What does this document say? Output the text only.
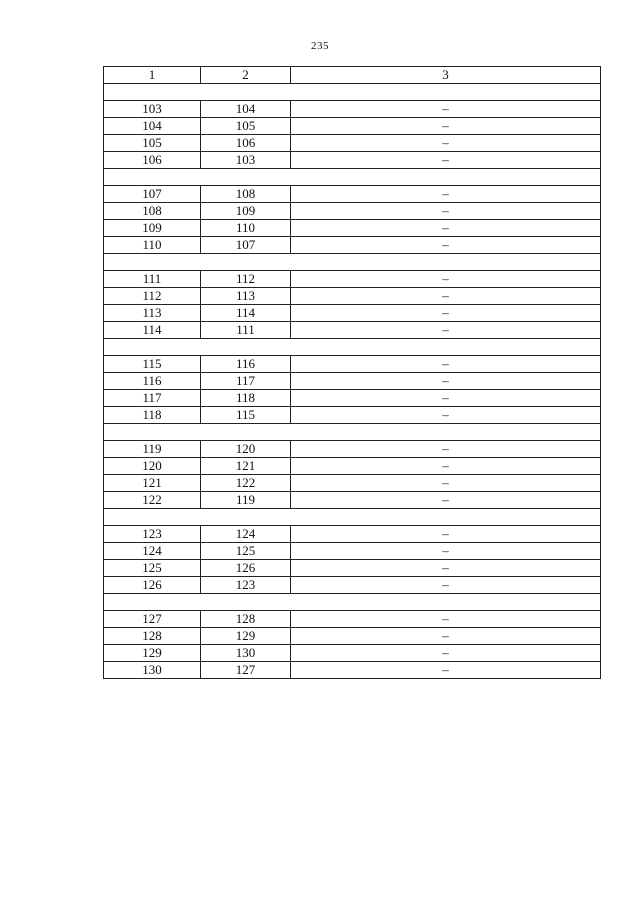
235
1	2	3

103	104	–
104	105	–
105	106	–
106	103	–

107	108	–
108	109	–
109	110	–
110	107	–

111	112	–
112	113	–
113	114	–
114	111	–

115	116	–
116	117	–
117	118	–
118	115	–

119	120	–
120	121	–
121	122	–
122	119	–

123	124	–
124	125	–
125	126	–
126	123	–

127	128	–
128	129	–
129	130	–
130	127	–
